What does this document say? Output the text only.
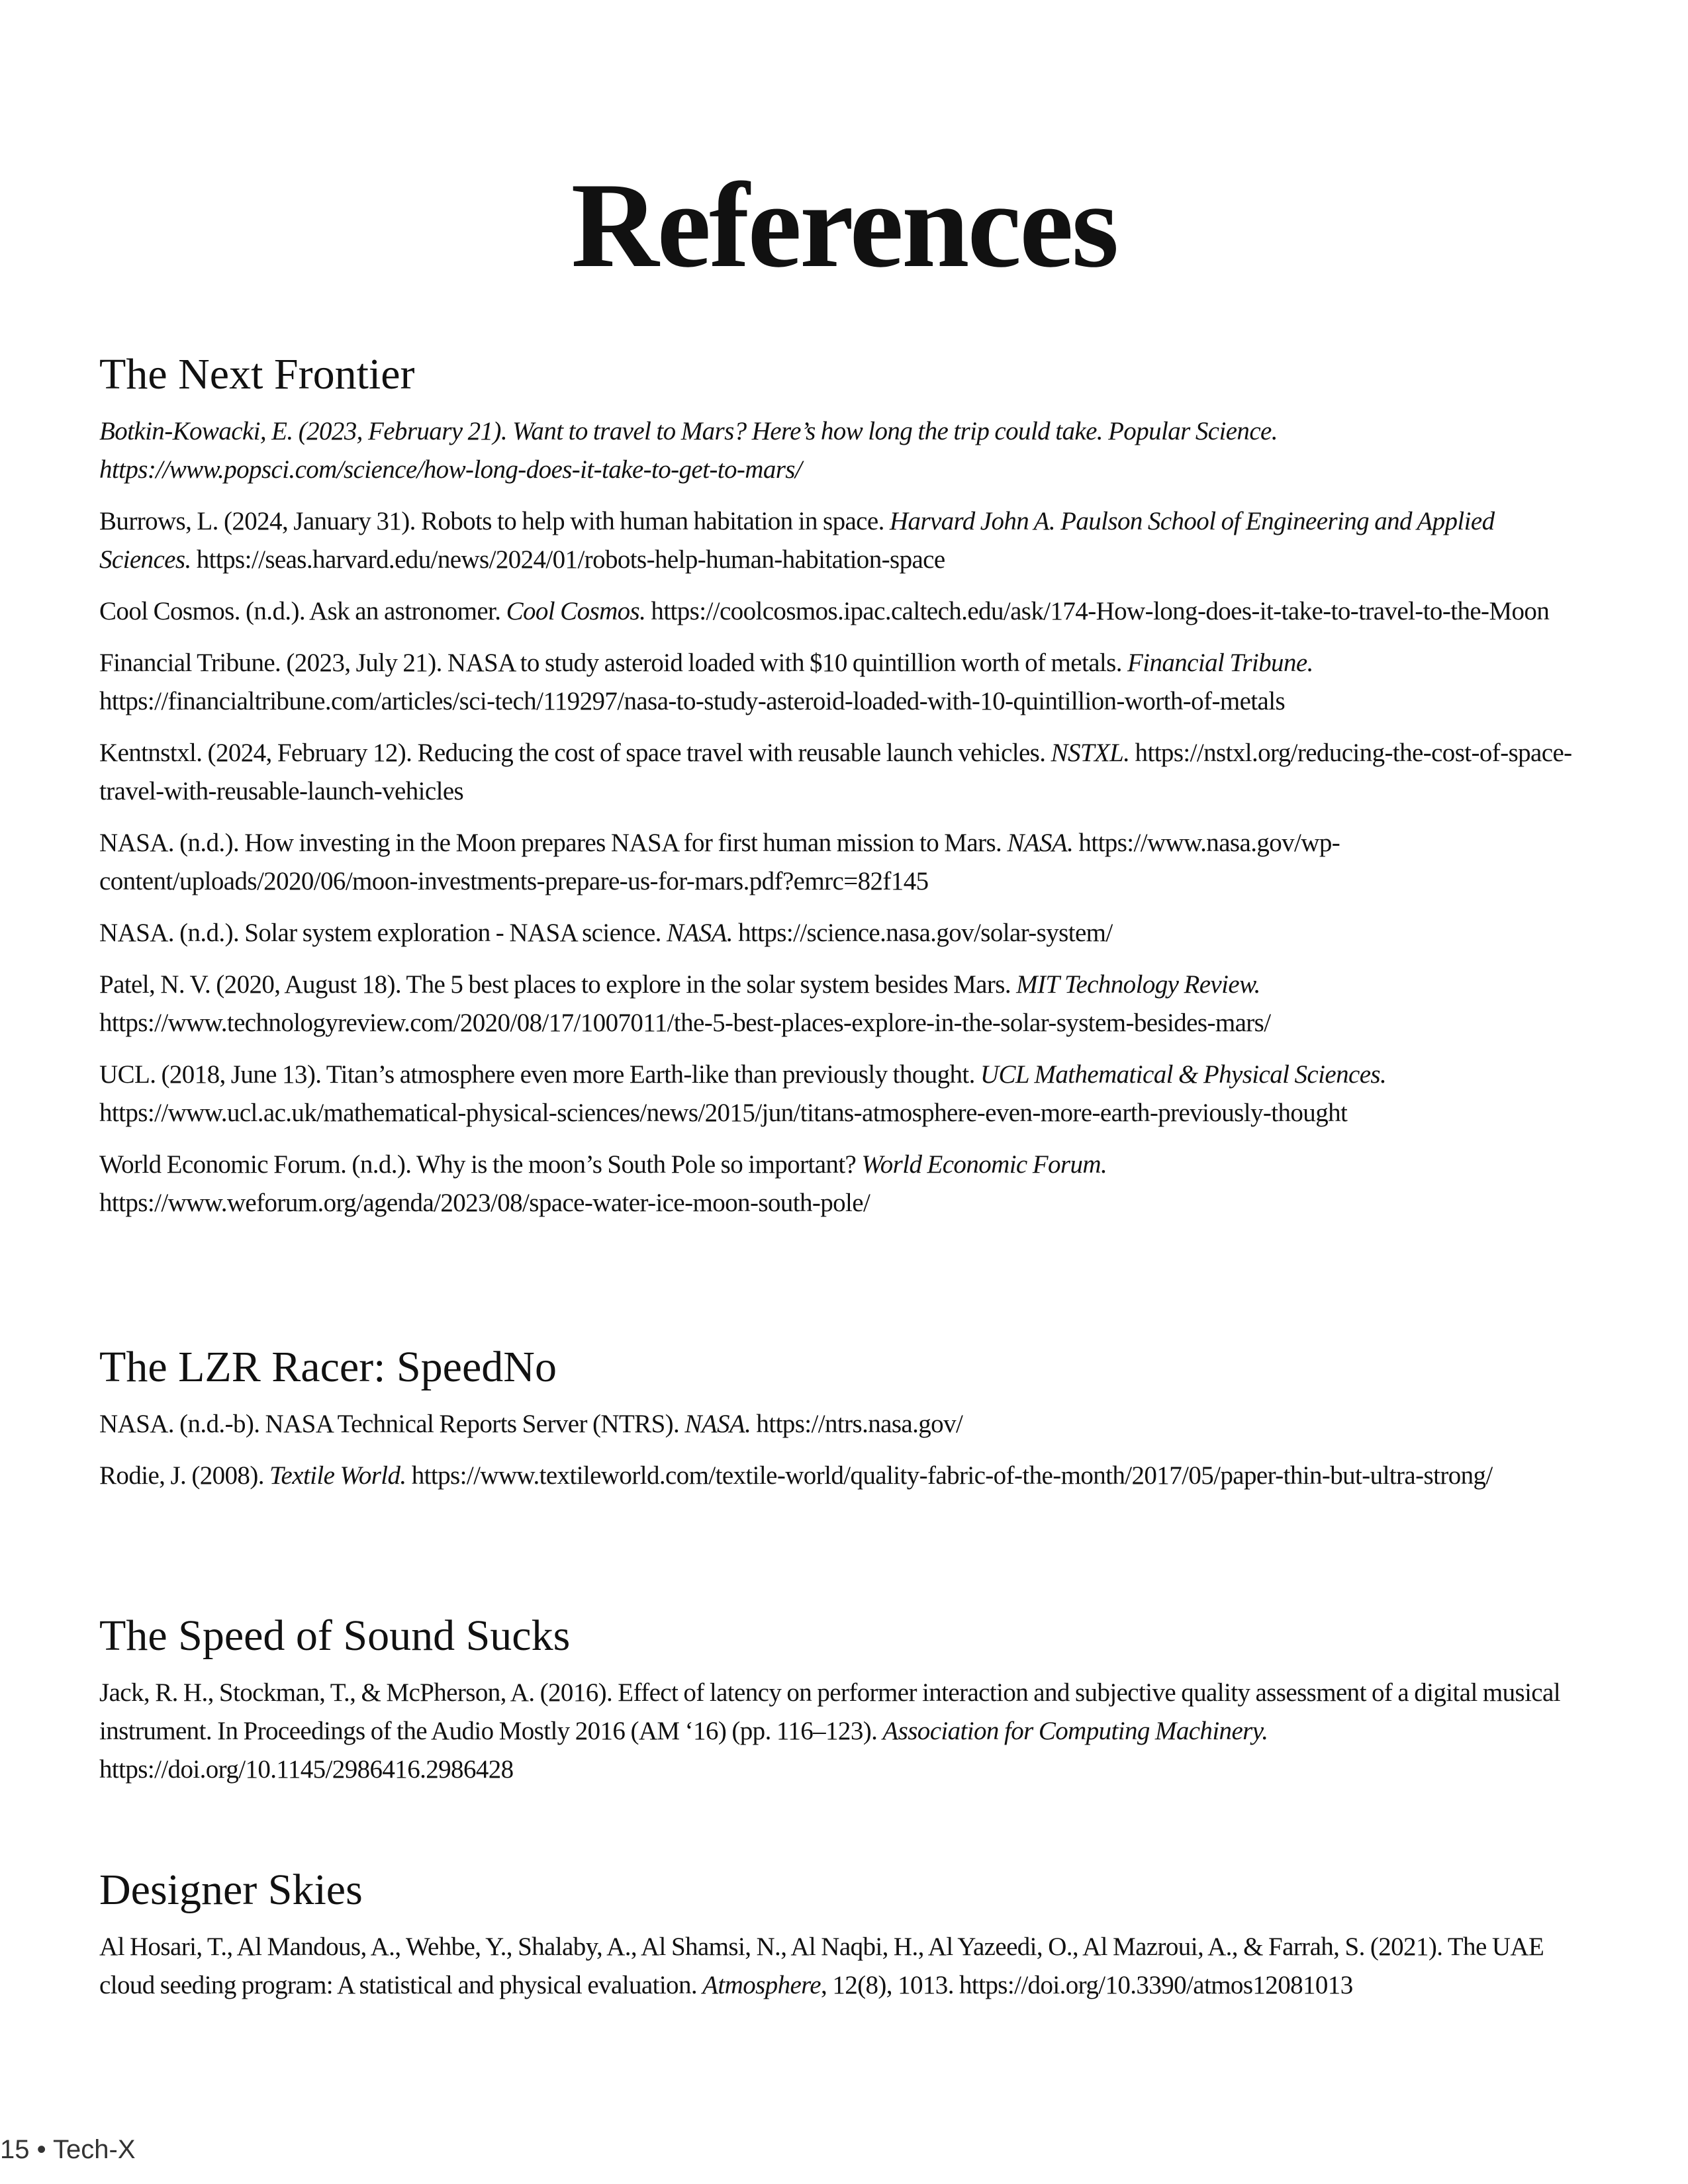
References
The Next Frontier

Botkin-Kowacki, E. (2023, February 21). Want to travel to Mars? Here’s how long the trip could take. Popular Science. https://www.popsci.com/science/how-long-does-it-take-to-get-to-mars/

Burrows, L. (2024, January 31). Robots to help with human habitation in space. Harvard John A. Paulson School of Engineering and Applied Sciences. https://seas.harvard.edu/news/2024/01/robots-help-human-habitation-space

Cool Cosmos. (n.d.). Ask an astronomer. Cool Cosmos. https://coolcosmos.ipac.caltech.edu/ask/174-How-long-does-it-take-to-travel-to-the-Moon

Financial Tribune. (2023, July 21). NASA to study asteroid loaded with $10 quintillion worth of metals. Financial Tribune. https://financialtribune.com/articles/sci-tech/119297/nasa-to-study-asteroid-loaded-with-10-quintillion-worth-of-metals

Kentnstxl. (2024, February 12). Reducing the cost of space travel with reusable launch vehicles. NSTXL. https://nstxl.org/reducing-the-cost-of-space-travel-with-reusable-launch-vehicles

NASA. (n.d.). How investing in the Moon prepares NASA for first human mission to Mars. NASA. https://www.nasa.gov/wp-content/uploads/2020/06/moon-investments-prepare-us-for-mars.pdf?emrc=82f145

NASA. (n.d.). Solar system exploration - NASA science. NASA. https://science.nasa.gov/solar-system/

Patel, N. V. (2020, August 18). The 5 best places to explore in the solar system besides Mars. MIT Technology Review. https://www.technologyreview.com/2020/08/17/1007011/the-5-best-places-explore-in-the-solar-system-besides-mars/

UCL. (2018, June 13). Titan’s atmosphere even more Earth-like than previously thought. UCL Mathematical & Physical Sciences. https://www.ucl.ac.uk/mathematical-physical-sciences/news/2015/jun/titans-atmosphere-even-more-earth-previously-thought

World Economic Forum. (n.d.). Why is the moon’s South Pole so important? World Economic Forum. https://www.weforum.org/agenda/2023/08/space-water-ice-moon-south-pole/

The LZR Racer: SpeedNo

NASA. (n.d.-b). NASA Technical Reports Server (NTRS). NASA. https://ntrs.nasa.gov/

Rodie, J. (2008). Textile World. https://www.textileworld.com/textile-world/quality-fabric-of-the-month/2017/05/paper-thin-but-ultra-strong/

The Speed of Sound Sucks

Jack, R. H., Stockman, T., & McPherson, A. (2016). Effect of latency on performer interaction and subjective quality assessment of a digital musical instrument. In Proceedings of the Audio Mostly 2016 (AM ‘16) (pp. 116–123). Association for Computing Machinery. https://doi.org/10.1145/2986416.2986428

Designer Skies

Al Hosari, T., Al Mandous, A., Wehbe, Y., Shalaby, A., Al Shamsi, N., Al Naqbi, H., Al Yazeedi, O., Al Mazroui, A., & Farrah, S. (2021). The UAE cloud seeding program: A statistical and physical evaluation. Atmosphere, 12(8), 1013. https://doi.org/10.3390/atmos12081013

15 • Tech-X
